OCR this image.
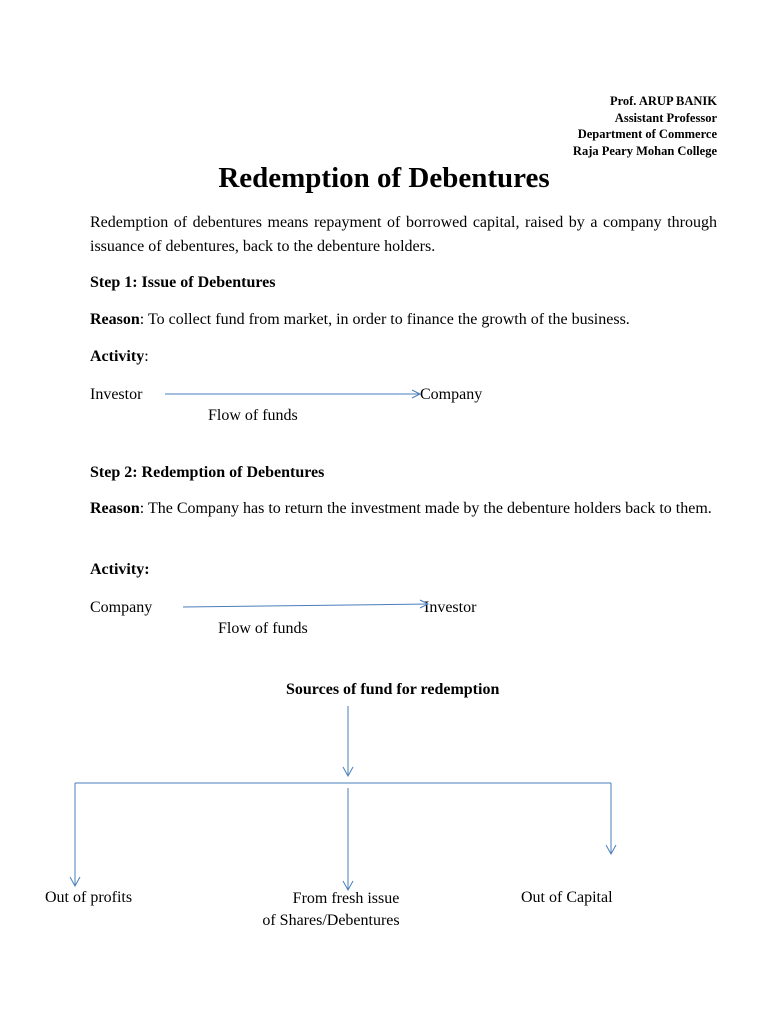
Prof. ARUP BANIK
Assistant Professor
Department of Commerce
Raja Peary Mohan College
Redemption of Debentures
Redemption of debentures means repayment of borrowed capital, raised by a company through issuance of debentures, back to the debenture holders.
Step 1: Issue of Debentures
Reason: To collect fund from market, in order to finance the growth of the business.
Activity:
Investor	Company
Flow of funds
Step 2: Redemption of Debentures
Reason: The Company has to return the investment made by the debenture holders back to them.
Activity:
Company	Investor
Flow of funds
Sources of fund for redemption
Out of profits	From fresh issue
of Shares/Debentures
Out of Capital
